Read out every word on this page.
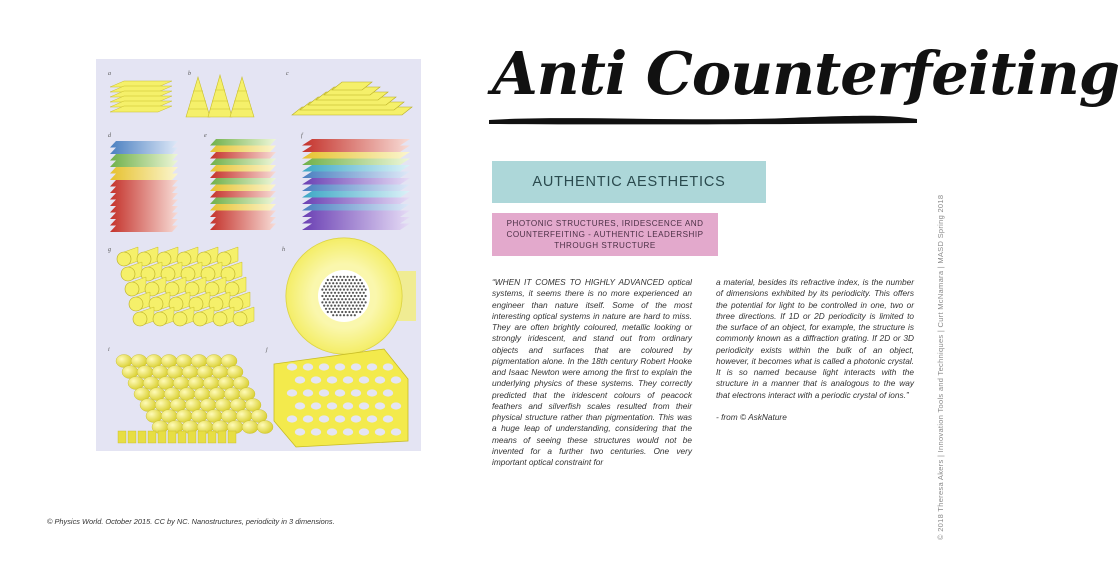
a	b	c
d	e	f
g	h
i	j
© Physics World. October 2015. CC by NC. Nanostructures, periodicity in 3 dimensions.
Anti Counterfeiting
AUTHENTIC AESTHETICS
PHOTONIC STRUCTURES, IRIDESCENCE AND COUNTERFEITING - AUTHENTIC LEADERSHIP THROUGH STRUCTURE
“WHEN IT COMES TO HIGHLY ADVANCED optical systems, it seems there is no more experienced an engineer than nature itself. Some of the most interesting optical systems in nature are hard to miss. They are often brightly coloured, metallic looking or strongly iridescent, and stand out from ordinary objects and surfaces that are coloured by pigmentation alone. In the 18th century Robert Hooke and Isaac Newton were among the first to explain the underlying physics of these systems. They correctly predicted that the iridescent colours of peacock feathers and silverfish scales resulted from their physical structure rather than pigmentation. This was a huge leap of understanding, considering that the means of seeing these structures would not be invented for a further two centuries. One very important optical constraint for
a material, besides its refractive index, is the number of dimensions exhibited by its periodicity. This offers the potential for light to be controlled in one, two or three directions. If 1D or 2D periodicity is limited to the surface of an object, for example, the structure is commonly known as a diffraction grating. If 2D or 3D periodicity exists within the bulk of an object, however, it becomes what is called a photonic crystal. It is so named because light interacts with the structure in a manner that is analogous to the way that electrons interact with a periodic crystal of ions.”
- from © AskNature	© 2018 Theresa Akers | Innovation Tools and Techniques | Curt McNamara | MASD Spring 2018
